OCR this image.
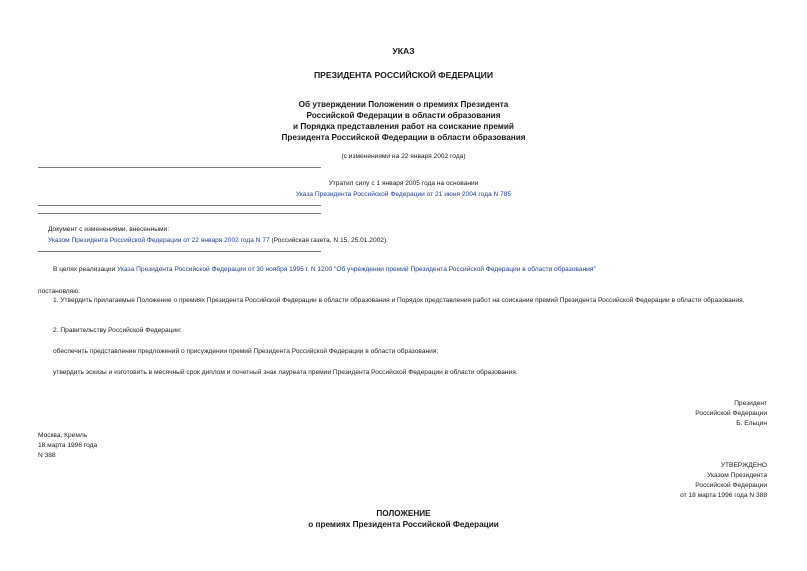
УКАЗ
ПРЕЗИДЕНТА РОССИЙСКОЙ ФЕДЕРАЦИИ
Об утверждении Положения о премиях Президента
Российской Федерации в области образования
и Порядка представления работ на соискание премий
Президента Российской Федерации в области образования
(с изменениями на 22 января 2002 года)
Утратил силу с 1 января 2005 года на основании
Указа Президента Российской Федерации от 21 июня 2004 года N 785
Документ с изменениями, внесенными:
Указом Президента Российской Федерации от 22 января 2002 года N 77 (Российская газета, N 15, 25.01.2002).
В целях реализации Указа Президента Российской Федерации от 30 ноября 1995 г. N 1200 "Об учреждении премий Президента Российской Федерации в области образования"
постановляю:
1. Утвердить прилагаемые Положение о премиях Президента Российской Федерации в области образования и Порядок представления работ на соискание премий Президента Российской Федерации в области образования.
2. Правительству Российской Федерации:
обеспечить представление предложений о присуждении премий Президента Российской Федерации в области образования;
утвердить эскизы и изготовить в месячный срок диплом и почетный знак лауреата премии Президента Российской Федерации в области образования.
Президент
Российской Федерации
Б. Ельцин
Москва, Кремль
18 марта 1996 года
N 388
УТВЕРЖДЕНО
Указом Президента
Российской Федерации
от 18 марта 1996 года N 388
ПОЛОЖЕНИЕ
о премиях Президента Российской Федерации
